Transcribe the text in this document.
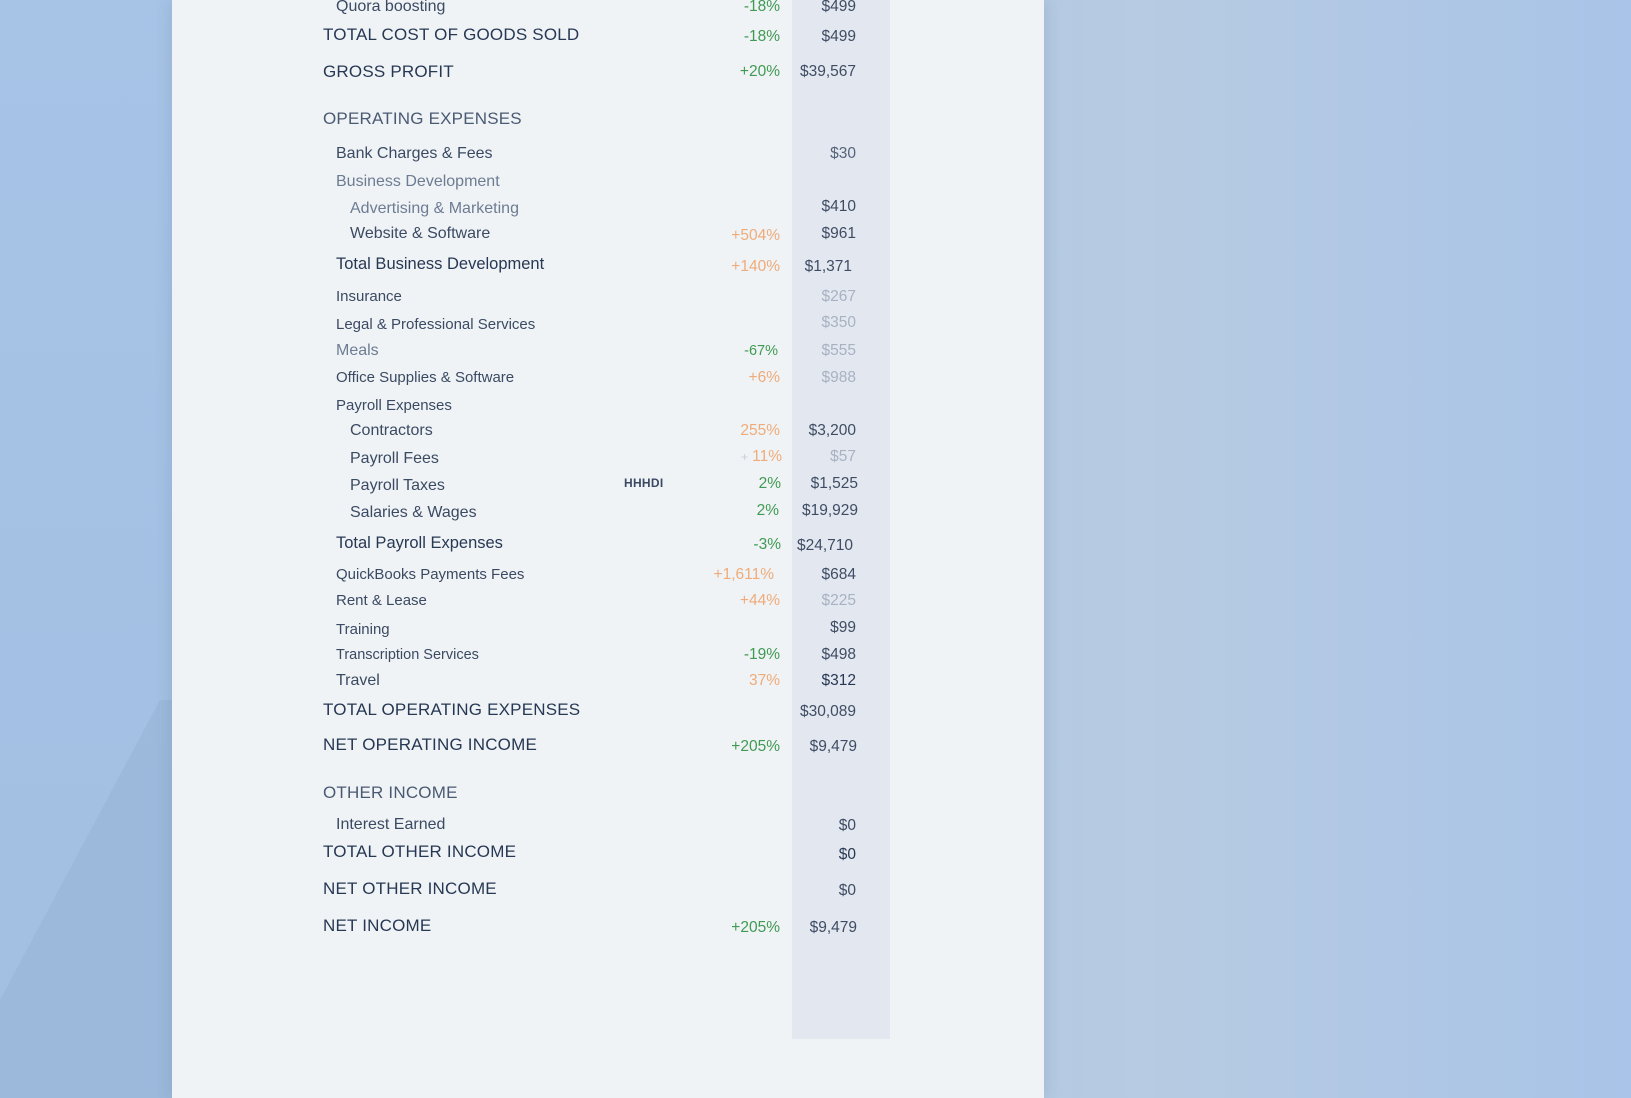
Quora boosting	-18%	$499
TOTAL COST OF GOODS SOLD	-18%	$499
GROSS PROFIT	+20% $39,567
OPERATING EXPENSES
Bank Charges & Fees	$30
Business Development
Advertising & Marketing	$410
Website & Software	+504%	$961
Total Business Development	+140% $1,371
Insurance	$267
Legal & Professional Services	$350
Meals	-67%	$555
Office Supplies & Software	+6%	$988
Payroll Expenses
Contractors	255% $3,200
Payroll Fees	+ 11%	$57
Payroll Taxes	HHHDI	2% $1,525
Salaries & Wages	2% $19,929
Total Payroll Expenses	-3% $24,710
QuickBooks Payments Fees	+1,611%	$684
Rent & Lease	+44%	$225
Training	$99
Transcription Services	-19%	$498
Travel	37%	$312
TOTAL OPERATING EXPENSES	$30,089
NET OPERATING INCOME	+205% $9,479
OTHER INCOME
Interest Earned	$0
TOTAL OTHER INCOME	$0
NET OTHER INCOME	$0
NET INCOME	+205% $9,479
